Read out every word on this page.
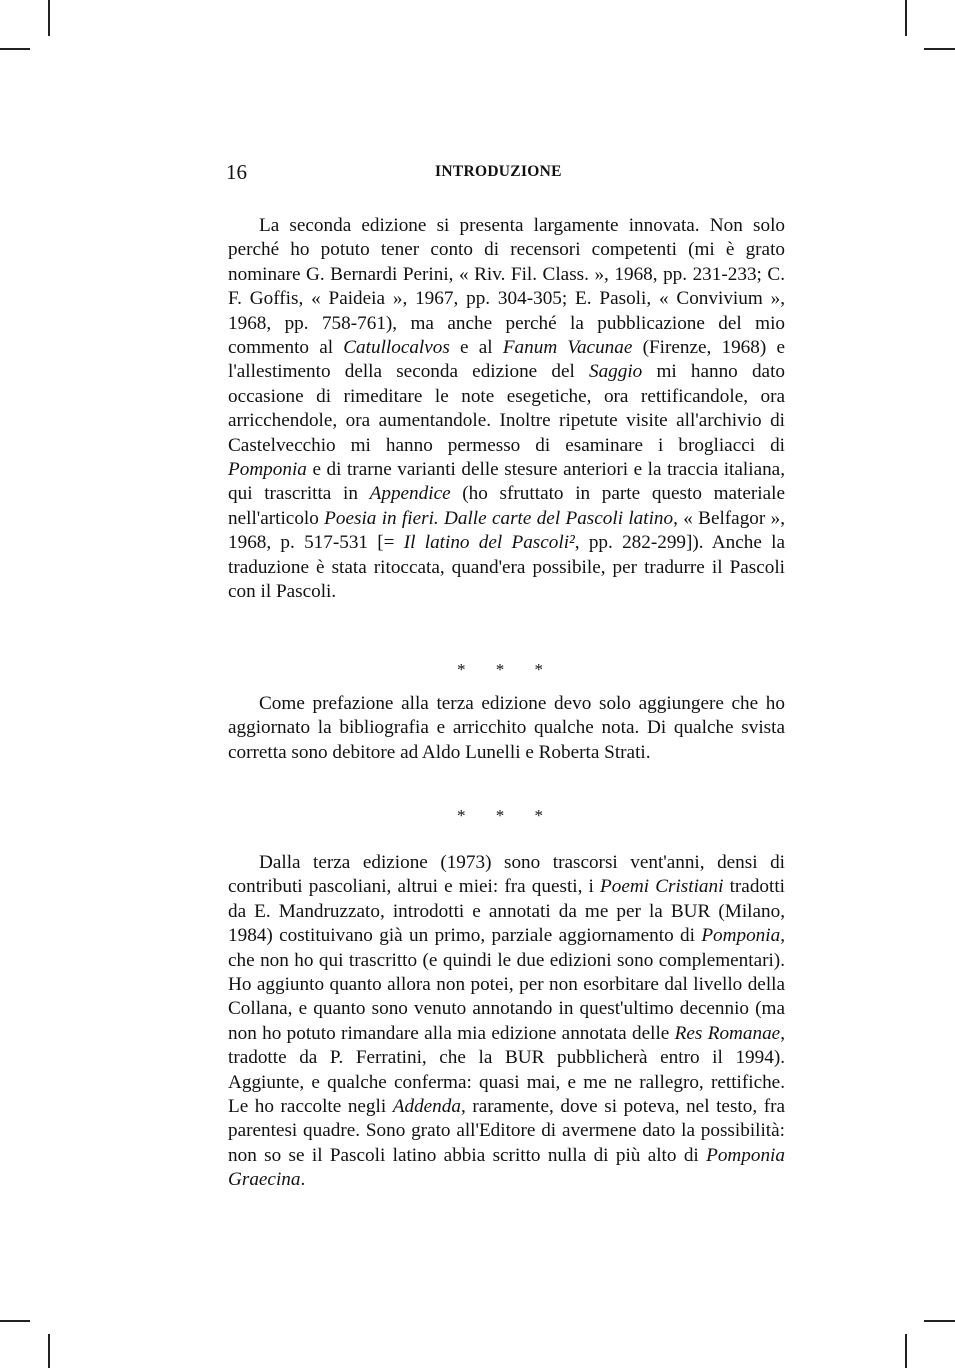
16	INTRODUZIONE

La seconda edizione si presenta largamente innovata. Non solo perché ho potuto tener conto di recensori competenti (mi è grato nominare G. Bernardi Perini, « Riv. Fil. Class. », 1968, pp. 231-233; C. F. Goffis, « Paideia », 1967, pp. 304-305; E. Pasoli, « Convivium », 1968, pp. 758-761), ma anche perché la pubblicazione del mio commento al Catullocalvos e al Fanum Vacunae (Firenze, 1968) e l'allestimento della seconda edizione del Saggio mi hanno dato occasione di rimeditare le note esegetiche, ora rettificandole, ora arricchendole, ora aumentandole. Inoltre ripetute visite all'archivio di Castelvecchio mi hanno permesso di esaminare i brogliacci di Pomponia e di trarne varianti delle stesure anteriori e la traccia italiana, qui trascritta in Appendice (ho sfruttato in parte questo materiale nell'articolo Poesia in fieri. Dalle carte del Pascoli latino, « Belfagor », 1968, p. 517-531 [= Il latino del Pascoli², pp. 282-299]). Anche la traduzione è stata ritoccata, quand'era possibile, per tradurre il Pascoli con il Pascoli.

* * *

Come prefazione alla terza edizione devo solo aggiungere che ho aggiornato la bibliografia e arricchito qualche nota. Di qualche svista corretta sono debitore ad Aldo Lunelli e Roberta Strati.

* * *

Dalla terza edizione (1973) sono trascorsi vent'anni, densi di contributi pascoliani, altrui e miei: fra questi, i Poemi Cristiani tradotti da E. Mandruzzato, introdotti e annotati da me per la BUR (Milano, 1984) costituivano già un primo, parziale aggiornamento di Pomponia, che non ho qui trascritto (e quindi le due edizioni sono complementari). Ho aggiunto quanto allora non potei, per non esorbitare dal livello della Collana, e quanto sono venuto annotando in quest'ultimo decennio (ma non ho potuto rimandare alla mia edizione annotata delle Res Romanae, tradotte da P. Ferratini, che la BUR pubblicherà entro il 1994). Aggiunte, e qualche conferma: quasi mai, e me ne rallegro, rettifiche. Le ho raccolte negli Addenda, raramente, dove si poteva, nel testo, fra parentesi quadre. Sono grato all'Editore di avermene dato la possibilità: non so se il Pascoli latino abbia scritto nulla di più alto di Pomponia Graecina.
